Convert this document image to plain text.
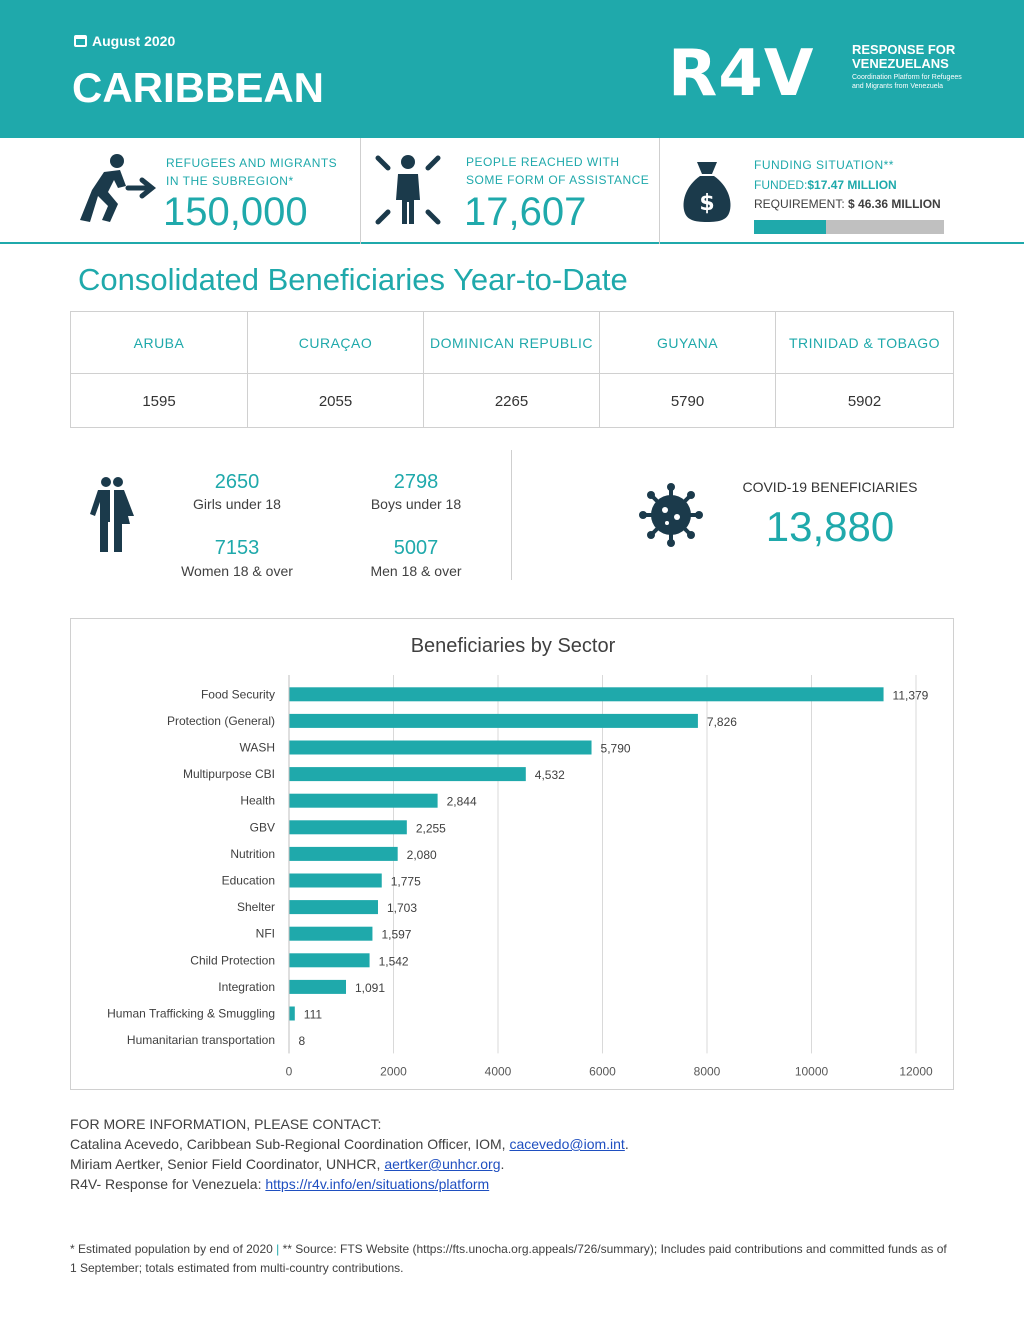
August 2020
CARIBBEAN	R4V	RESPONSE FOR VENEZUELANS
Coordination Platform for Refugees and Migrants from Venezuela
REFUGEES AND MIGRANTS IN THE SUBREGION*
150,000
PEOPLE REACHED WITH SOME FORM OF ASSISTANCE
17,607	$
FUNDING SITUATION**
FUNDED:$17.47 MILLION
REQUIREMENT: $ 46.36 MILLION
Consolidated Beneficiaries Year-to-Date
ARUBA	CURAÇAO	DOMINICAN REPUBLIC	GUYANA	TRINIDAD & TOBAGO
1595	2055	2265	5790	5902
2650
Girls under 18
2798
Boys under 18
7153
Women 18 & over
5007
Men 18 & over
COVID-19 BENEFICIARIES
13,880
Beneficiaries by Sector
0	2000	4000	6000	8000	10000	12000
Food Security	11,379
Protection (General)	7,826
WASH	5,790
Multipurpose CBI	4,532
Health	2,844
GBV	2,255
Nutrition	2,080
Education	1,775
Shelter	1,703
NFI	1,597
Child Protection	1,542
Integration	1,091
Human Trafficking & Smuggling 111
Humanitarian transportation 8
FOR MORE INFORMATION, PLEASE CONTACT:
Catalina Acevedo, Caribbean Sub-Regional Coordination Officer, IOM, cacevedo@iom.int.
Miriam Aertker, Senior Field Coordinator, UNHCR, aertker@unhcr.org.
R4V- Response for Venezuela: https://r4v.info/en/situations/platform
* Estimated population by end of 2020 | ** Source: FTS Website (https://fts.unocha.org.appeals/726/summary); Includes paid contributions and committed funds as of 1 September; totals estimated from multi-country contributions.
